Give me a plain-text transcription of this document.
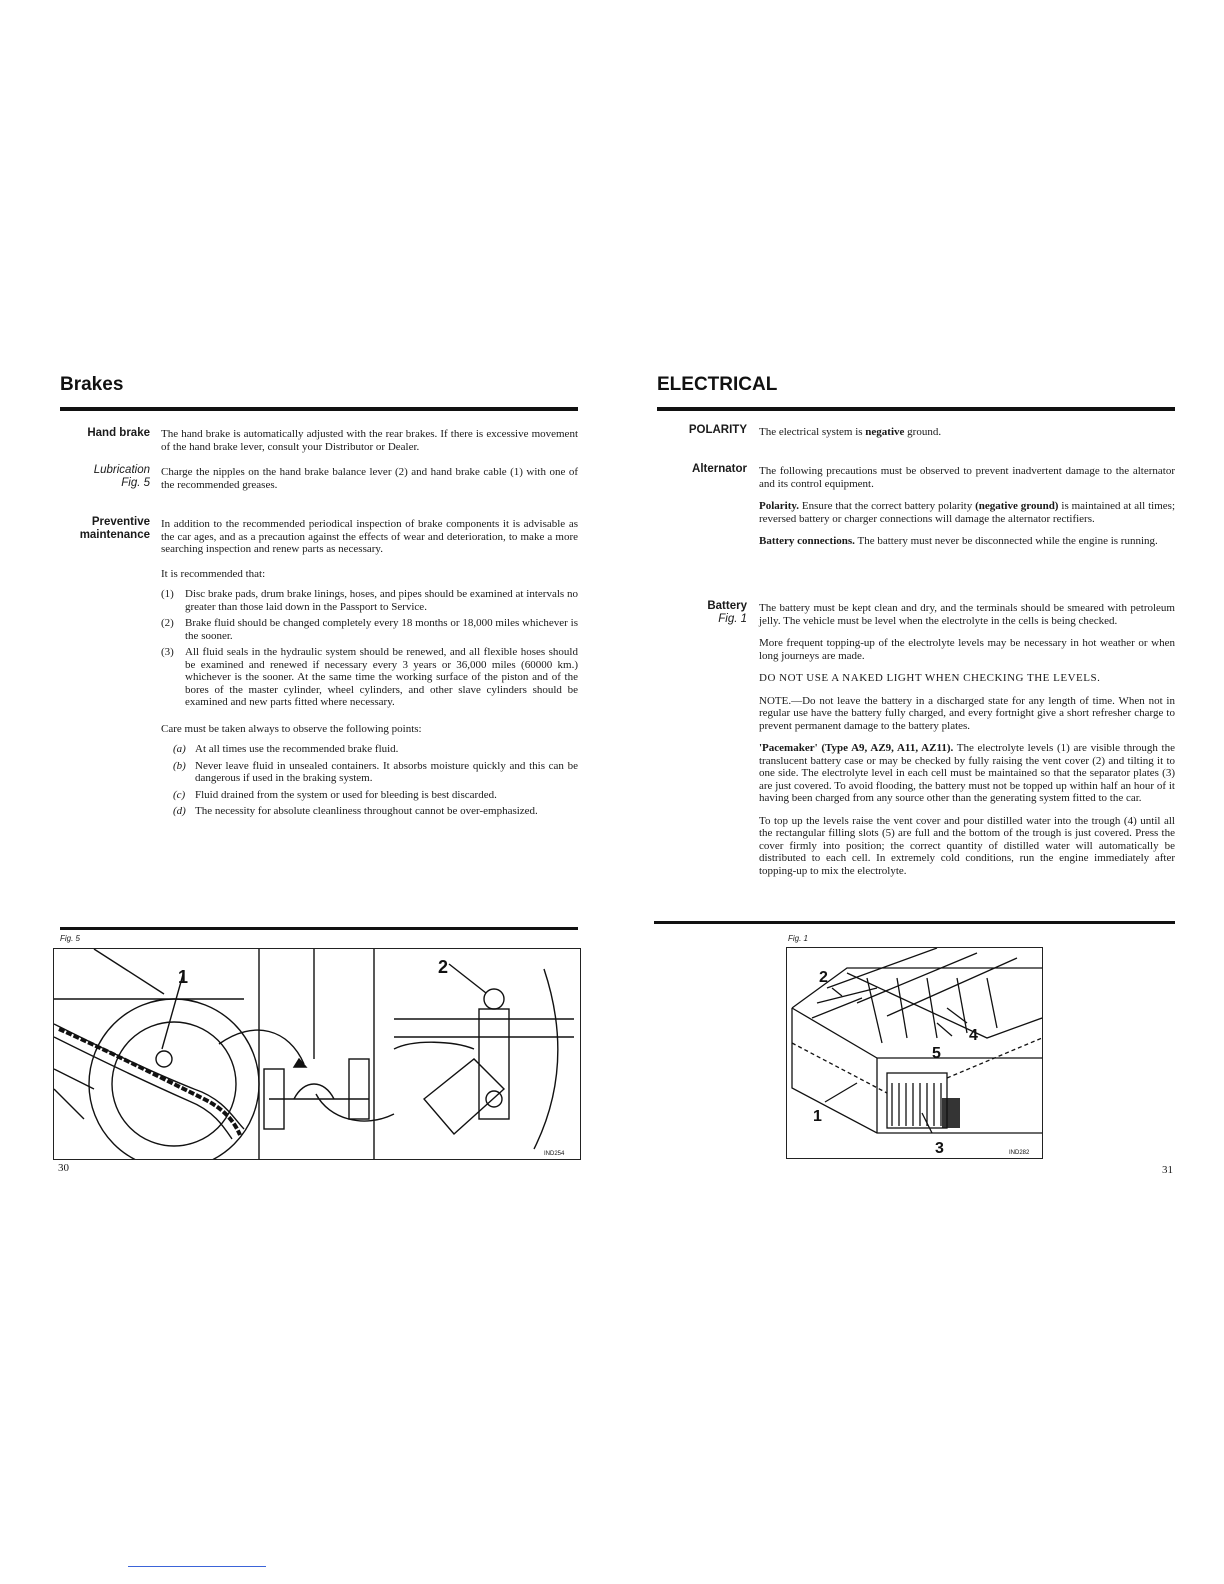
Brakes
Hand brake The hand brake is automatically adjusted with the rear brakes. If there is excessive movement of the hand brake lever, consult your Distributor or Dealer.

Lubrication
Fig. 5

Charge the nipples on the hand brake balance lever (2) and hand brake cable (1) with one of the recommended greases.

Preventive
maintenance

In addition to the recommended periodical inspection of brake components it is advisable as the car ages, and as a precaution against the effects of wear and deterioration, to make a more searching inspection and renew parts as necessary.

It is recommended that:

(1) Disc brake pads, drum brake linings, hoses, and pipes should be examined at intervals no greater than those laid down in the Passport to Service.
(2) Brake fluid should be changed completely every 18 months or 18,000 miles whichever is the sooner.
(3) All fluid seals in the hydraulic system should be renewed, and all flexible hoses should be examined and renewed if necessary every 3 years or 36,000 miles (60000 km.) whichever is the sooner. At the same time the working surface of the piston and of the bores of the master cylinder, wheel cylinders, and other slave cylinders should be examined and new parts fitted where necessary.

Care must be taken always to observe the following points:

(a) At all times use the recommended brake fluid.
(b) Never leave fluid in unsealed containers. It absorbs moisture quickly and this can be dangerous if used in the braking system.
(c) Fluid drained from the system or used for bleeding is best discarded.
(d) The necessity for absolute cleanliness throughout cannot be over-emphasized.
Fig. 5
1	2
IND254
30
ELECTRICAL
POLARITY The electrical system is negative ground.

Alternator The following precautions must be observed to prevent inadvertent damage to the alternator and its control equipment.

Polarity. Ensure that the correct battery polarity (negative ground) is maintained at all times; reversed battery or charger connections will damage the alternator rectifiers.

Battery connections. The battery must never be disconnected while the engine is running.

Battery
Fig. 1

The battery must be kept clean and dry, and the terminals should be smeared with petroleum jelly. The vehicle must be level when the electrolyte in the cells is being checked.

More frequent topping-up of the electrolyte levels may be necessary in hot weather or when long journeys are made.

DO NOT USE A NAKED LIGHT WHEN CHECKING THE LEVELS.

NOTE.—Do not leave the battery in a discharged state for any length of time. When not in regular use have the battery fully charged, and every fortnight give a short refresher charge to prevent permanent damage to the battery plates.

'Pacemaker' (Type A9, AZ9, A11, AZ11). The electrolyte levels (1) are visible through the translucent battery case or may be checked by fully raising the vent cover (2) and tilting it to one side. The electrolyte level in each cell must be maintained so that the separator plates (3) are just covered. To avoid flooding, the battery must not be topped up within half an hour of it having been charged from any source other than the generating system fitted to the car.

To top up the levels raise the vent cover and pour distilled water into the trough (4) until all the rectangular filling slots (5) are full and the bottom of the trough is just covered. Press the cover firmly into position; the correct quantity of distilled water will automatically be distributed to each cell. In extremely cold conditions, run the engine immediately after topping-up to mix the electrolyte.

Fig. 1
2
4
5
1
3	IND282
31
